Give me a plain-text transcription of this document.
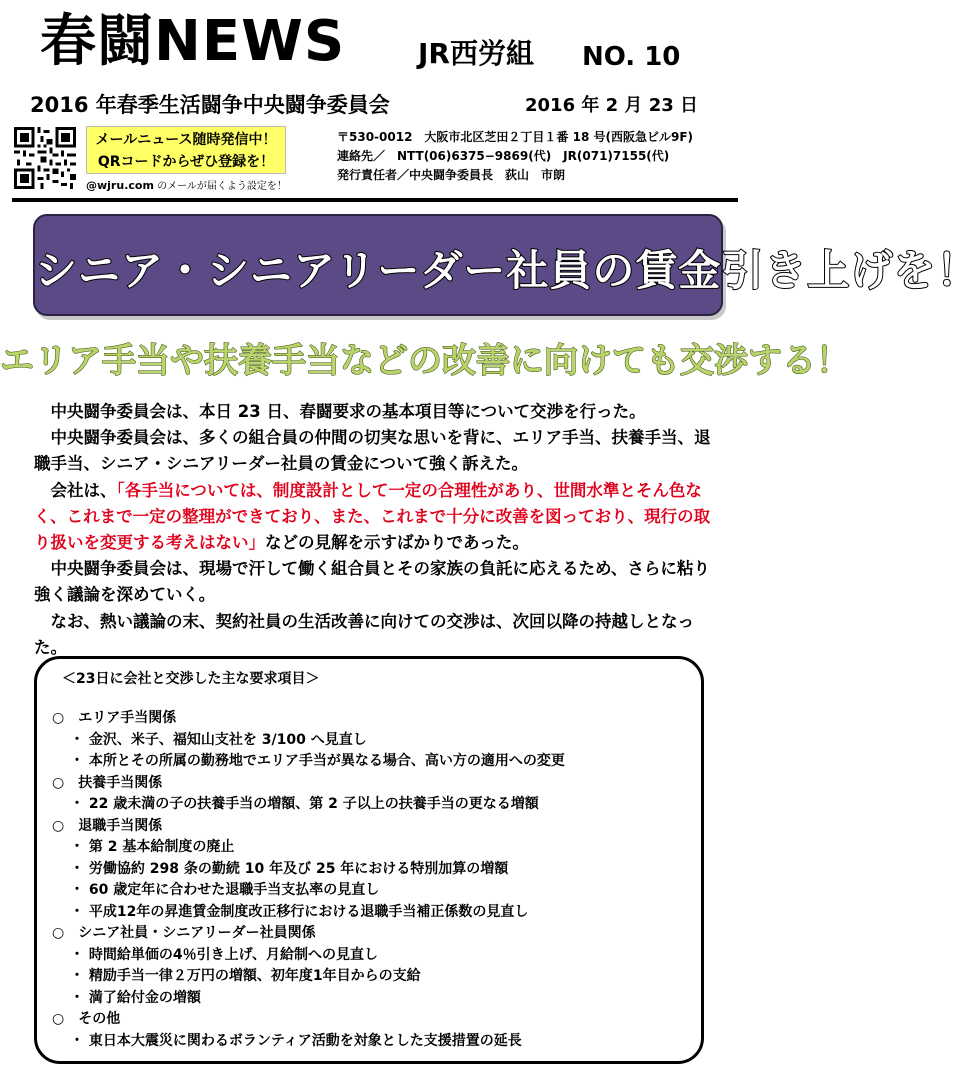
春闘NEWS	JR西労組 NO. 10
2016 年春季生活闘争中央闘争委員会	2016 年 2 月 23 日
メールニュース随時発信中！
QRコードからぜひ登録を！
@wjru.com のメールが届くよう設定を！
〒530-0012　大阪市北区芝田２丁目１番 18 号(西阪急ビル9F)
連絡先／　NTT(06)6375−9869(代)　JR(071)7155(代)
発行責任者／中央闘争委員長　荻山　市朗
シニア・シニアリーダー社員の賃金引き上げを！
エリア手当や扶養手当などの改善に向けても交渉する！
　中央闘争委員会は、本日 23 日、春闘要求の基本項目等について交渉を行った。
　中央闘争委員会は、多くの組合員の仲間の切実な思いを背に、エリア手当、扶養手当、退職手当、シニア・シニアリーダー社員の賃金について強く訴えた。
　会社は、「各手当については、制度設計として一定の合理性があり、世間水準とそん色なく、これまで一定の整理ができており、また、これまで十分に改善を図っており、現行の取り扱いを変更する考えはない」などの見解を示すばかりであった。
　中央闘争委員会は、現場で汗して働く組合員とその家族の負託に応えるため、さらに粘り強く議論を深めていく。
　なお、熱い議論の末、契約社員の生活改善に向けての交渉は、次回以降の持越しとなった。
＜23日に会社と交渉した主な要求項目＞
○　エリア手当関係
・ 金沢、米子、福知山支社を 3/100 へ見直し
・ 本所とその所属の勤務地でエリア手当が異なる場合、高い方の適用への変更
○　扶養手当関係
・ 22 歳未満の子の扶養手当の増額、第 2 子以上の扶養手当の更なる増額
○　退職手当関係
・ 第 2 基本給制度の廃止
・ 労働協約 298 条の勤続 10 年及び 25 年における特別加算の増額
・ 60 歳定年に合わせた退職手当支払率の見直し
・ 平成12年の昇進賃金制度改正移行における退職手当補正係数の見直し
○　シニア社員・シニアリーダー社員関係
・ 時間給単価の4％引き上げ、月給制への見直し
・ 精励手当一律２万円の増額、初年度1年目からの支給
・ 満了給付金の増額
○　その他
・ 東日本大震災に関わるボランティア活動を対象とした支援措置の延長
